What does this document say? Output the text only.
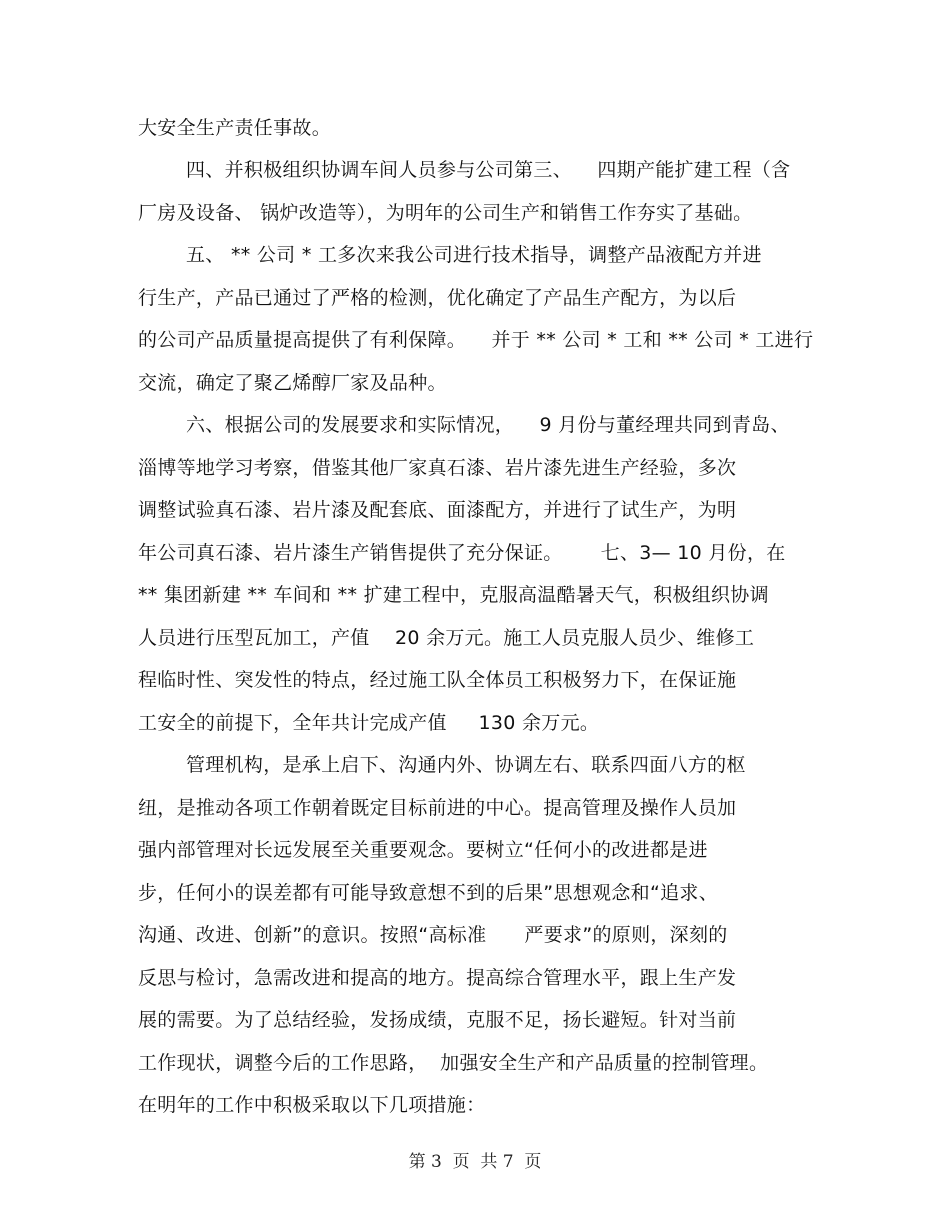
大安全生产责任事故。
四、并积极组织协调车间人员参与公司第三、    四期产能扩建工程（含
厂房及设备、 锅炉改造等），为明年的公司生产和销售工作夯实了基础。
五、 ** 公司 * 工多次来我公司进行技术指导，调整产品液配方并进
行生产，产品已通过了严格的检测，优化确定了产品生产配方，为以后
的公司产品质量提高提供了有利保障。    并于 ** 公司 * 工和 ** 公司 * 工进行
交流，确定了聚乙烯醇厂家及品种。
六、根据公司的发展要求和实际情况，    9 月份与董经理共同到青岛、
淄博等地学习考察，借鉴其他厂家真石漆、岩片漆先进生产经验，多次
调整试验真石漆、岩片漆及配套底、面漆配方，并进行了试生产，为明
年公司真石漆、岩片漆生产销售提供了充分保证。      七、3— 10 月份，在
** 集团新建 ** 车间和 ** 扩建工程中，克服高温酷暑天气，积极组织协调
人员进行压型瓦加工，产值    20 余万元。施工人员克服人员少、维修工
程临时性、突发性的特点，经过施工队全体员工积极努力下，在保证施
工安全的前提下，全年共计完成产值     130 余万元。
管理机构，是承上启下、沟通内外、协调左右、联系四面八方的枢
纽，是推动各项工作朝着既定目标前进的中心。提高管理及操作人员加
强内部管理对长远发展至关重要观念。要树立“任何小的改进都是进
步，任何小的误差都有可能导致意想不到的后果”思想观念和“追求、
沟通、改进、创新”的意识。按照“高标准      严要求”的原则，深刻的
反思与检讨，急需改进和提高的地方。提高综合管理水平，跟上生产发
展的需要。为了总结经验，发扬成绩，克服不足，扬长避短。针对当前
工作现状，调整今后的工作思路，  加强安全生产和产品质量的控制管理。
在明年的工作中积极采取以下几项措施：
第 3  页  共 7  页
